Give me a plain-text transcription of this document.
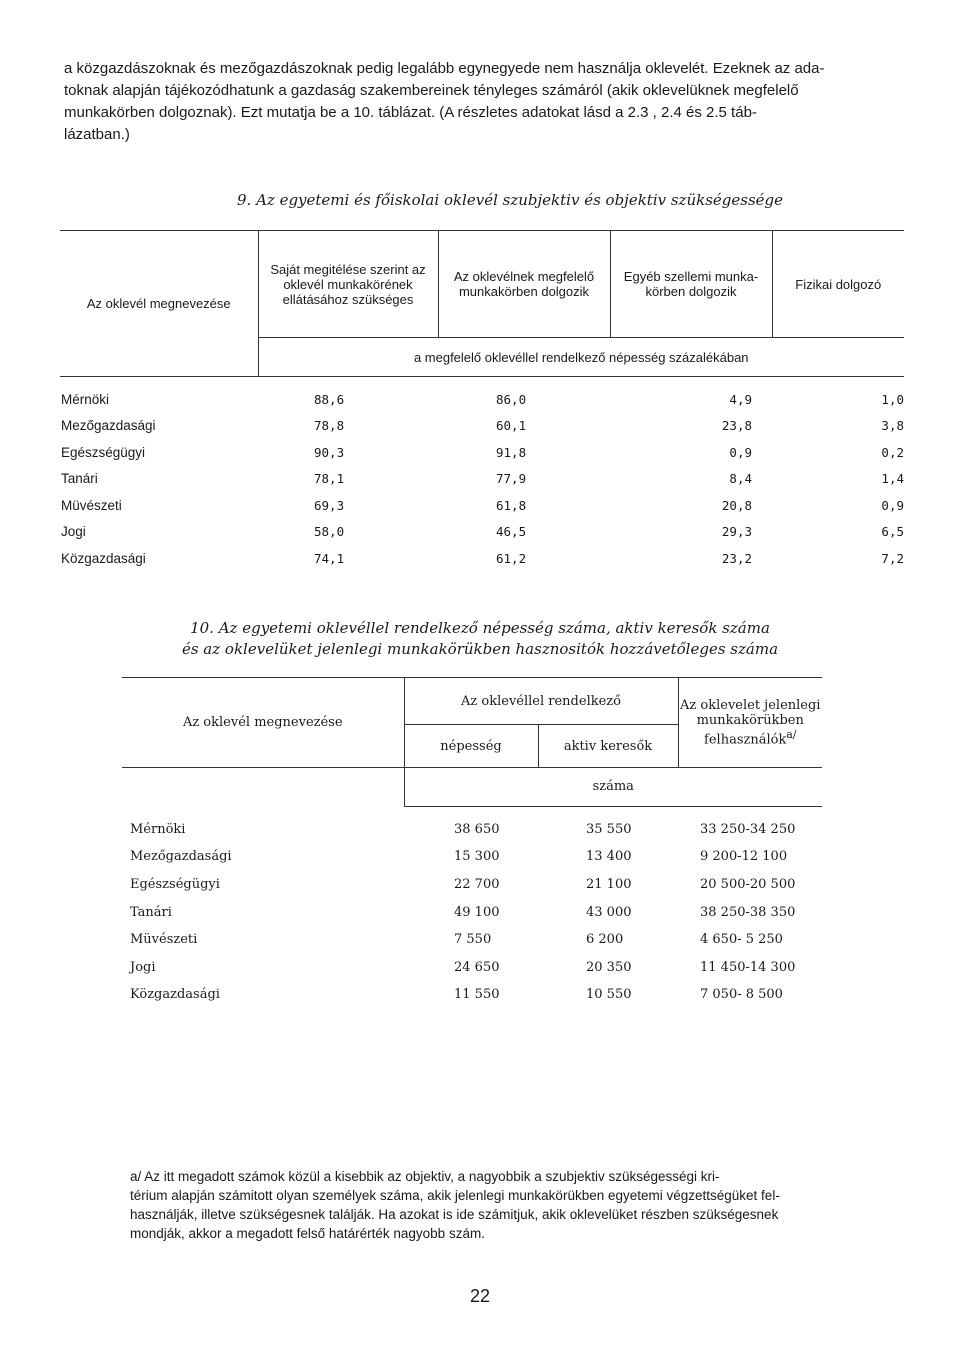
a közgazdászoknak és mezőgazdászoknak pedig legalább egynegyede nem használja oklevelét. Ezeknek az ada-

toknak alapján tájékozódhatunk a gazdaság szakembereinek tényleges számáról (akik oklevelüknek megfelelő

munkakörben dolgoznak). Ezt mutatja be a 10. táblázat. (A részletes adatokat lásd a 2.3 , 2.4 és 2.5 táb-

lázatban.)

9. Az egyetemi és főiskolai oklevél szubjektiv és objektiv szükségessége
Az oklevél megnevezése	Saját megitélése szerint az oklevél munkakörének ellátásához szükséges	Az oklevélnek megfelelő munkakörben dolgozik	Egyéb szellemi munka-körben dolgozik	Fizikai dolgozó
	a megfelelő oklevéllel rendelkező népesség százalékában			
Mérnöki	88,6	86,0	4,9	1,0
Mezőgazdasági	78,8	60,1	23,8	3,8
Egészségügyi	90,3	91,8	0,9	0,2
Tanári	78,1	77,9	8,4	1,4
Müvészeti	69,3	61,8	20,8	0,9
Jogi	58,0	46,5	29,3	6,5
Közgazdasági	74,1	61,2	23,2	7,2
10. Az egyetemi oklevéllel rendelkező népesség száma, aktiv keresők száma
és az oklevelüket jelenlegi munkakörükben hasznositók hozzávetőleges száma
Az oklevél megnevezése	Az oklevéllel rendelkező		Az oklevelet jelenlegi munkakörükben felhasználók$^{a/}$
	népesség	aktiv keresők	
	száma		
Mérnöki	38 650	35 550	33 250-34 250
Mezőgazdasági	15 300	13 400	9 200-12 100
Egészségügyi	22 700	21 100	20 500-20 500
Tanári	49 100	43 000	38 250-38 350
Müvészeti	7 550	6 200	4 650- 5 250
Jogi	24 650	20 350	11 450-14 300
Közgazdasági	11 550	10 550	7 050- 8 500

a/ Az itt megadott számok közül a kisebbik az objektiv, a nagyobbik a szubjektiv szükségességi kri-

térium alapján számitott olyan személyek száma, akik jelenlegi munkakörükben egyetemi végzettségüket fel-

használják, illetve szükségesnek találják. Ha azokat is ide számitjuk, akik oklevelüket részben szükségesnek

mondják, akkor a megadott felső határérték nagyobb szám.

22
